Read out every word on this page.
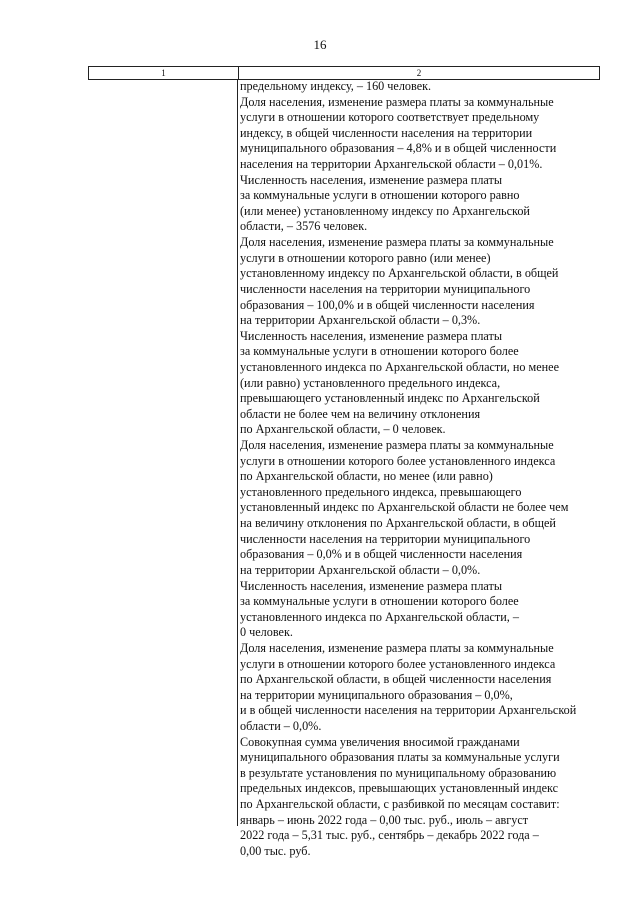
16
1	2
предельному индексу, – 160 человек.
Доля населения, изменение размера платы за коммунальные
услуги в отношении которого соответствует предельному
индексу, в общей численности населения на территории
муниципального образования – 4,8% и в общей численности
населения на территории Архангельской области – 0,01%.
Численность населения, изменение размера платы
за коммунальные услуги в отношении которого равно
(или менее) установленному индексу по Архангельской
области, – 3576 человек.
Доля населения, изменение размера платы за коммунальные
услуги в отношении которого равно (или менее)
установленному индексу по Архангельской области, в общей
численности населения на территории муниципального
образования – 100,0% и в общей численности населения
на территории Архангельской области – 0,3%.
Численность населения, изменение размера платы
за коммунальные услуги в отношении которого более
установленного индекса по Архангельской области, но менее
(или равно) установленного предельного индекса,
превышающего установленный индекс по Архангельской
области не более чем на величину отклонения
по Архангельской области, – 0 человек.
Доля населения, изменение размера платы за коммунальные
услуги в отношении которого более установленного индекса
по Архангельской области, но менее (или равно)
установленного предельного индекса, превышающего
установленный индекс по Архангельской области не более чем
на величину отклонения по Архангельской области, в общей
численности населения на территории муниципального
образования – 0,0% и в общей численности населения
на территории Архангельской области – 0,0%.
Численность населения, изменение размера платы
за коммунальные услуги в отношении которого более
установленного индекса по Архангельской области, –
0 человек.
Доля населения, изменение размера платы за коммунальные
услуги в отношении которого более установленного индекса
по Архангельской области, в общей численности населения
на территории муниципального образования – 0,0%,
и в общей численности населения на территории Архангельской
области – 0,0%.
Совокупная сумма увеличения вносимой гражданами
муниципального образования платы за коммунальные услуги
в результате установления по муниципальному образованию
предельных индексов, превышающих установленный индекс
по Архангельской области, с разбивкой по месяцам составит:
январь – июнь 2022 года – 0,00 тыс. руб., июль – август
2022 года – 5,31 тыс. руб., сентябрь – декабрь 2022 года –
0,00 тыс. руб.
